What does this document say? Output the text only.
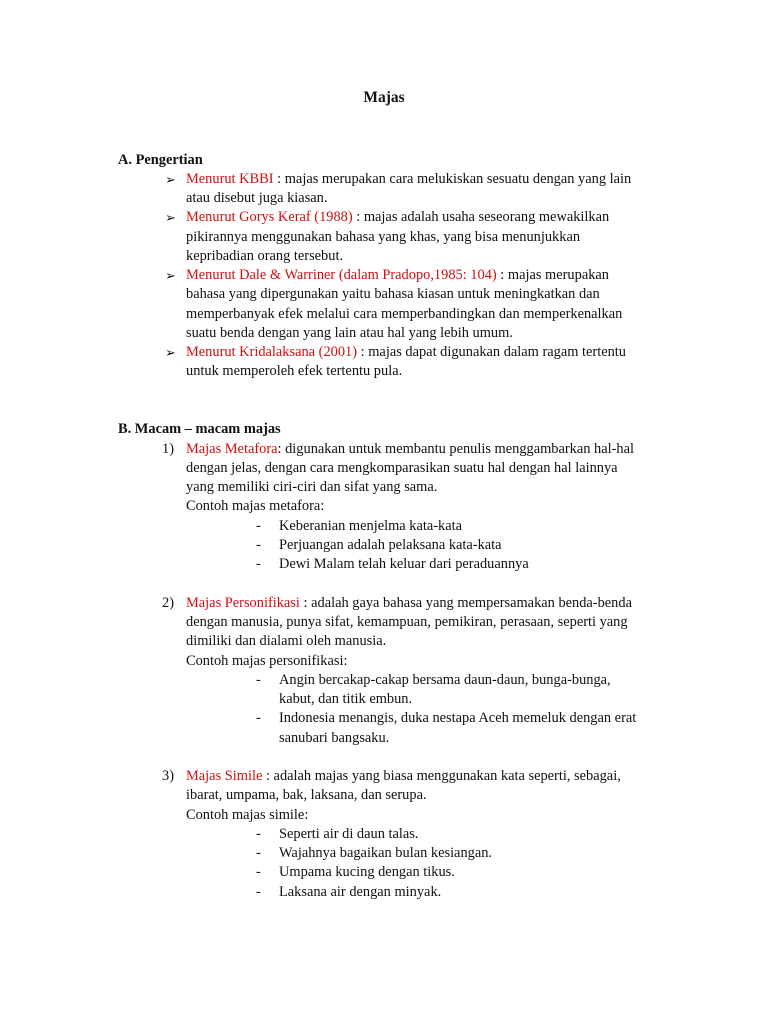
Majas
A. Pengertian
➢ Menurut KBBI : majas merupakan cara melukiskan sesuatu dengan yang lain
atau disebut juga kiasan.
➢ Menurut Gorys Keraf (1988) : majas adalah usaha seseorang mewakilkan
pikirannya menggunakan bahasa yang khas, yang bisa menunjukkan
kepribadian orang tersebut.
➢ Menurut Dale & Warriner (dalam Pradopo,1985: 104) : majas merupakan
bahasa yang dipergunakan yaitu bahasa kiasan untuk meningkatkan dan
memperbanyak efek melalui cara memperbandingkan dan memperkenalkan
suatu benda dengan yang lain atau hal yang lebih umum.
➢ Menurut Kridalaksana (2001) : majas dapat digunakan dalam ragam tertentu
untuk memperoleh efek tertentu pula.
B. Macam – macam majas
1) Majas Metafora: digunakan untuk membantu penulis menggambarkan hal-hal
dengan jelas, dengan cara mengkomparasikan suatu hal dengan hal lainnya
yang memiliki ciri-ciri dan sifat yang sama.
Contoh majas metafora:
- Keberanian menjelma kata-kata
- Perjuangan adalah pelaksana kata-kata
- Dewi Malam telah keluar dari peraduannya
2) Majas Personifikasi : adalah gaya bahasa yang mempersamakan benda-benda
dengan manusia, punya sifat, kemampuan, pemikiran, perasaan, seperti yang
dimiliki dan dialami oleh manusia.
Contoh majas personifikasi:
- Angin bercakap-cakap bersama daun-daun, bunga-bunga,
kabut, dan titik embun.
- Indonesia menangis, duka nestapa Aceh memeluk dengan erat
sanubari bangsaku.
3) Majas Simile : adalah majas yang biasa menggunakan kata seperti, sebagai,
ibarat, umpama, bak, laksana, dan serupa.
Contoh majas simile:
- Seperti air di daun talas.
- Wajahnya bagaikan bulan kesiangan.
- Umpama kucing dengan tikus.
- Laksana air dengan minyak.
